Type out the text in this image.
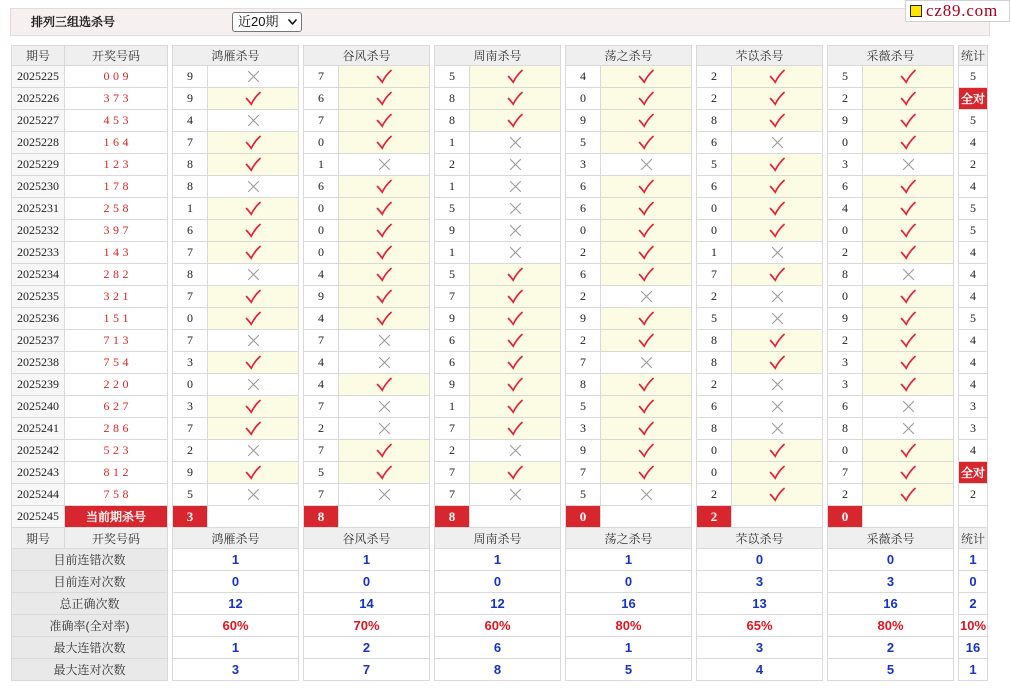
排列三组选杀号	近20期
cz89.com
期号	开奖号码	鸿雁杀号	谷风杀号	周南杀号	荡之杀号	芣苡杀号	采薇杀号	统计
2025225	009	9	7	5	4	2	5	5
2025226	373	9	6	8	0	2	2	全对
2025227	453	4	7	8	9	8	9	5
2025228	164	7	0	1	5	6	0	4
2025229	123	8	1	2	3	5	3	2
2025230	178	8	6	1	6	6	6	4
2025231	258	1	0	5	6	0	4	5
2025232	397	6	0	9	0	0	0	5
2025233	143	7	0	1	2	1	2	4
2025234	282	8	4	5	6	7	8	4
2025235	321	7	9	7	2	2	0	4
2025236	151	0	4	9	9	5	9	5
2025237	713	7	7	6	2	8	2	4
2025238	754	3	4	6	7	8	3	4
2025239	220	0	4	9	8	2	3	4
2025240	627	3	7	1	5	6	6	3
2025241	286	7	2	7	3	8	8	3
2025242	523	2	7	2	9	0	0	4
2025243	812	9	5	7	7	0	7	全对
2025244	758	5	7	7	5	2	2	2
2025245	当前期杀号	3	8	8	0	2	0
期号	开奖号码	鸿雁杀号	谷风杀号	周南杀号	荡之杀号	芣苡杀号	采薇杀号	统计
目前连错次数	1	1	1	1	0	0	1
目前连对次数	0	0	0	0	3	3	0
总正确次数	12	14	12	16	13	16	2
准确率(全对率)	60%	70%	60%	80%	65%	80%	10%
最大连错次数	1	2	6	1	3	2	16
最大连对次数	3	7	8	5	4	5	1
